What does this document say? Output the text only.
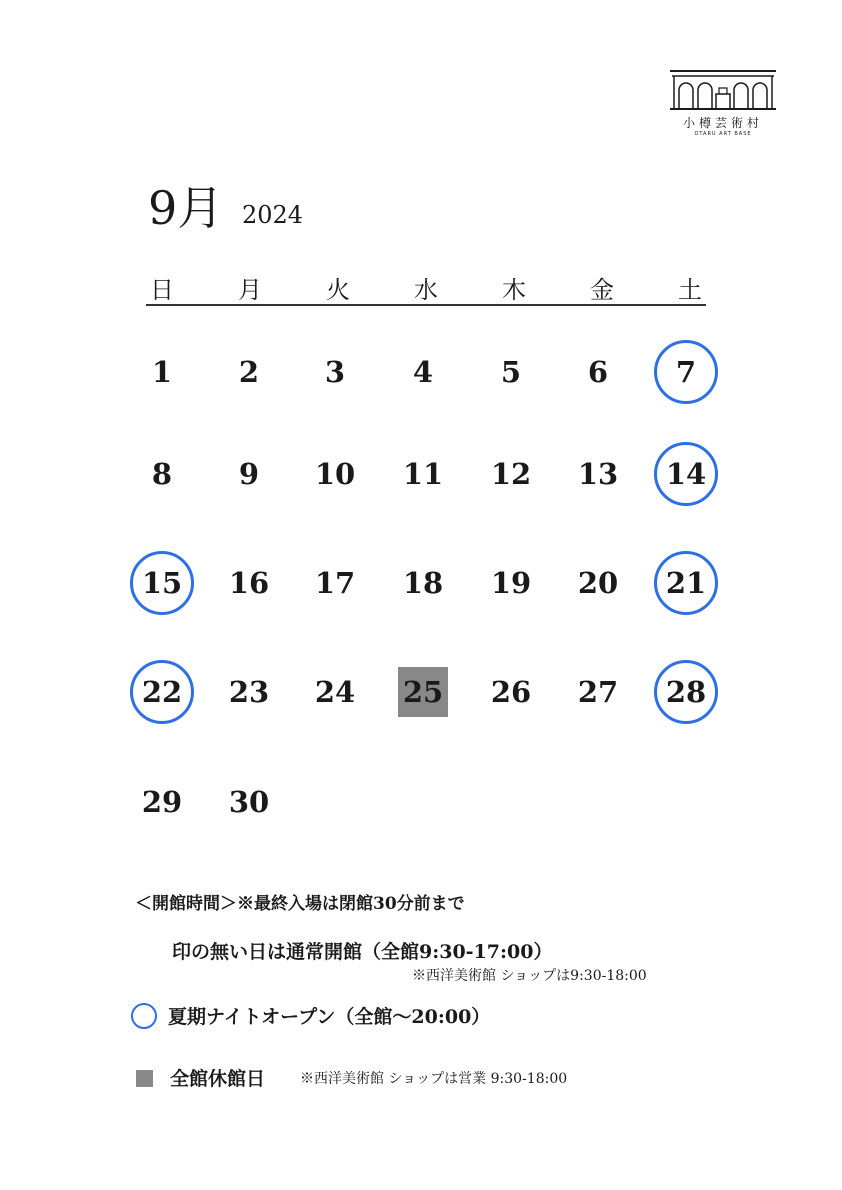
小樽芸術村
OTARU ART BASE
9月 2024
日	月	火	水	木	金	土
1	2	3	4	5	6	7
8	9	10	11	12	13	14
15	16	17	18	19	20	21
22	23	24	25	26	27	28
29	30
＜開館時間＞※最終入場は閉館30分前まで
印の無い日は通常開館（全館9:30-17:00）
※西洋美術館 ショップは9:30-18:00
夏期ナイトオープン（全館～20:00）
全館休館日 ※西洋美術館 ショップは営業 9:30-18:00
